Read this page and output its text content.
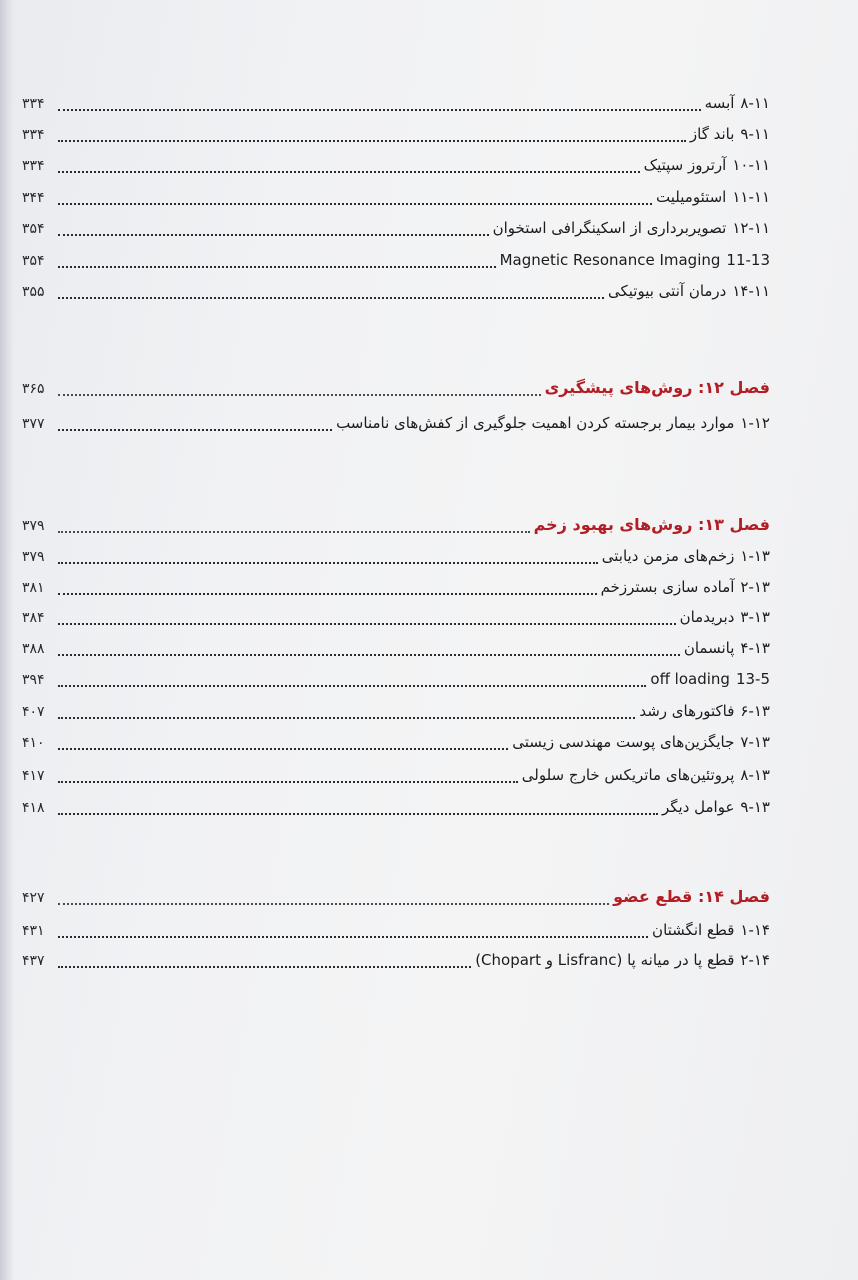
۸-۱۱
آبسه
۳۳۴
۹-۱۱
باند گاز
۳۳۴
۱۰-۱۱
آرتروز سپتیک
۳۳۴
۱۱-۱۱
استئومیلیت
۳۴۴
۱۲-۱۱
تصویربرداری از اسکینگرافی استخوان
۳۵۴
11-13
Magnetic Resonance Imaging
۳۵۴
۱۴-۱۱
درمان آنتی بیوتیکی
۳۵۵
فصل ۱۲: روش‌های پیشگیری
۳۶۵
۱-۱۲
موارد بیمار برجسته کردن اهمیت جلوگیری از کفش‌های نامناسب
۳۷۷
فصل ۱۳: روش‌های بهبود زخم
۳۷۹
۱-۱۳
زخم‌های مزمن دیابتی
۳۷۹
۲-۱۳
آماده سازی بسترزخم
۳۸۱
۳-۱۳
دبریدمان
۳۸۴
۴-۱۳
پانسمان
۳۸۸
13-5
off loading
۳۹۴
۶-۱۳
فاکتورهای رشد
۴۰۷
۷-۱۳
جایگزین‌های پوست مهندسی زیستی
۴۱۰
۸-۱۳
پروتئین‌های ماتریکس خارج سلولی
۴۱۷
۹-۱۳
عوامل دیگر
۴۱۸
فصل ۱۴: قطع عضو
۴۲۷
۱-۱۴
قطع انگشتان
۴۳۱
۲-۱۴
قطع پا در میانه پا (Lisfranc و Chopart)
۴۳۷
